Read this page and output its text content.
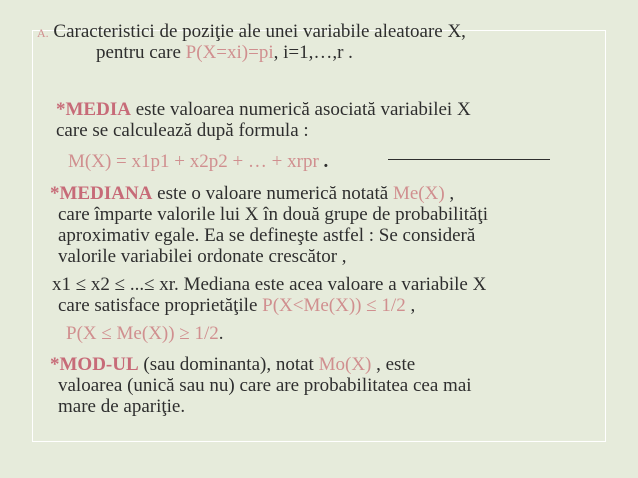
A. Caracteristici de poziţie ale unei variabile aleatoare X,
pentru care P(X=xi)=pi, i=1,…,r .
*MEDIA este valoarea numerică asociată variabilei X
care se calculează după formula :
M(X) = x1p1 + x2p2 + … + xrpr .
*MEDIANA este o valoare numerică notată Me(X) ,
care împarte valorile lui X în două grupe de probabilităţi
aproximativ egale. Ea se defineşte astfel : Se consideră
valorile variabilei ordonate crescător ,
x1 ≤ x2 ≤ ...≤ xr. Mediana este acea valoare a variabile X
care satisface proprietăţile P(X<Me(X)) ≤ 1/2 ,
P(X ≤ Me(X)) ≥ 1/2.
*MOD-UL (sau dominanta), notat Mo(X) , este
valoarea (unică sau nu) care are probabilitatea cea mai
mare de apariţie.
